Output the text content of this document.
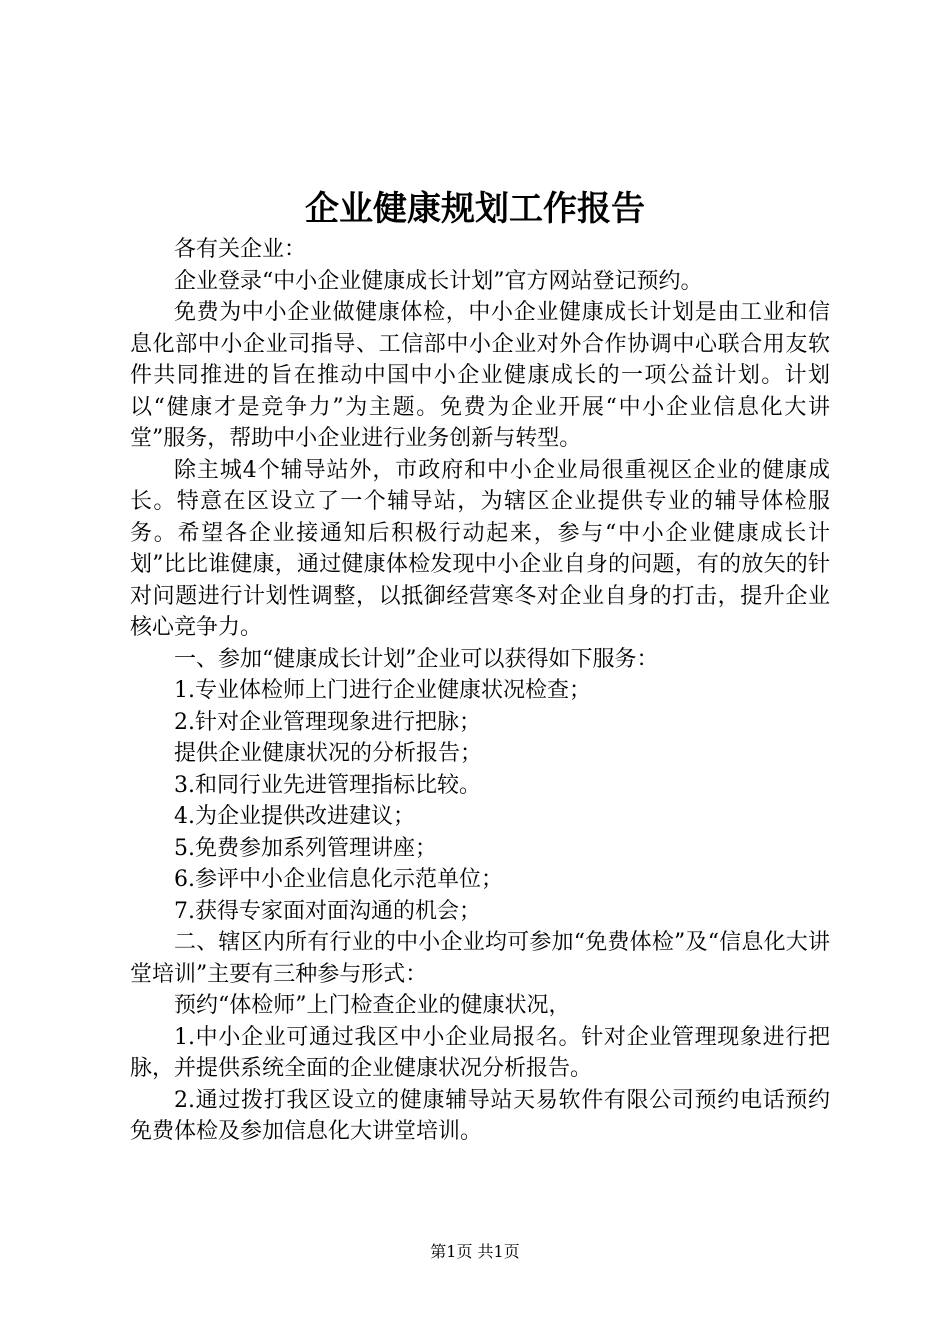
企业健康规划工作报告

各有关企业：

企业登录“中小企业健康成长计划”官方网站登记预约。

免费为中小企业做健康体检，中小企业健康成长计划是由工业和信息化部中小企业司指导、工信部中小企业对外合作协调中心联合用友软件共同推进的旨在推动中国中小企业健康成长的一项公益计划。计划以“健康才是竞争力”为主题。免费为企业开展“中小企业信息化大讲堂”服务，帮助中小企业进行业务创新与转型。

除主城4个辅导站外，市政府和中小企业局很重视区企业的健康成长。特意在区设立了一个辅导站，为辖区企业提供专业的辅导体检服务。希望各企业接通知后积极行动起来，参与“中小企业健康成长计划”比比谁健康，通过健康体检发现中小企业自身的问题，有的放矢的针对问题进行计划性调整，以抵御经营寒冬对企业自身的打击，提升企业核心竞争力。

一、参加“健康成长计划”企业可以获得如下服务：

1.专业体检师上门进行企业健康状况检查；

2.针对企业管理现象进行把脉；

提供企业健康状况的分析报告；

3.和同行业先进管理指标比较。

4.为企业提供改进建议；

5.免费参加系列管理讲座；

6.参评中小企业信息化示范单位；

7.获得专家面对面沟通的机会；

二、辖区内所有行业的中小企业均可参加“免费体检”及“信息化大讲堂培训”主要有三种参与形式：

预约“体检师”上门检查企业的健康状况，

1.中小企业可通过我区中小企业局报名。针对企业管理现象进行把脉，并提供系统全面的企业健康状况分析报告。

2.通过拨打我区设立的健康辅导站天易软件有限公司预约电话预约免费体检及参加信息化大讲堂培训。

第1页 共1页
